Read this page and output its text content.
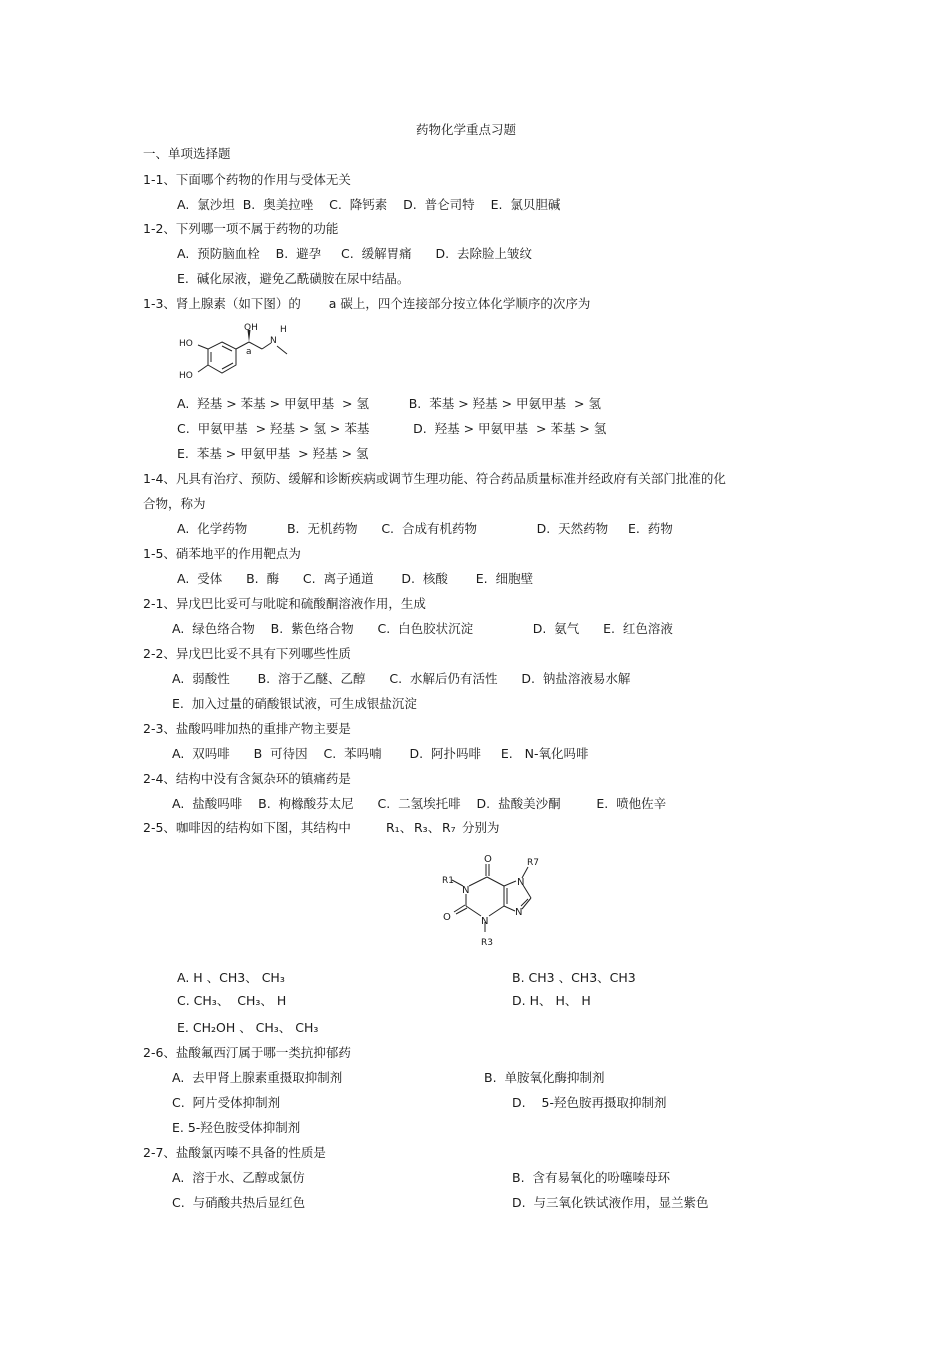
药物化学重点习题
一、单项选择题
1-1、下面哪个药物的作用与受体无关
A.  氯沙坦  B.  奥美拉唑    C.  降钙素    D.  普仑司特    E.  氯贝胆碱
1-2、下列哪一项不属于药物的功能
A.  预防脑血栓    B.  避孕     C.  缓解胃痛      D.  去除脸上皱纹
E.  碱化尿液，避免乙酰磺胺在尿中结晶。
1-3、肾上腺素（如下图）的       a 碳上，四个连接部分按立体化学顺序的次序为
OH
HO
HO
a
N
H
A.  羟基 > 苯基 > 甲氨甲基  > 氢          B.  苯基 > 羟基 > 甲氨甲基  > 氢
C.  甲氨甲基  > 羟基 > 氢 > 苯基           D.  羟基 > 甲氨甲基  > 苯基 > 氢
E.  苯基 > 甲氨甲基  > 羟基 > 氢
1-4、凡具有治疗、预防、缓解和诊断疾病或调节生理功能、符合药品质量标准并经政府有关部门批准的化
合物，称为
A.  化学药物          B.  无机药物      C.  合成有机药物               D.  天然药物     E.  药物
1-5、硝苯地平的作用靶点为
A.  受体      B.  酶      C.  离子通道       D.  核酸       E.  细胞壁
2-1、异戊巴比妥可与吡啶和硫酸酮溶液作用，生成
A.  绿色络合物    B.  紫色络合物      C.  白色胶状沉淀               D.  氨气      E.  红色溶液
2-2、异戊巴比妥不具有下列哪些性质
A.  弱酸性       B.  溶于乙醚、乙醇      C.  水解后仍有活性      D.  钠盐溶液易水解
E.  加入过量的硝酸银试液，可生成银盐沉淀
2-3、盐酸吗啡加热的重排产物主要是
A.  双吗啡      B  可待因    C.  苯吗喃       D.  阿扑吗啡     E.   N-氧化吗啡
2-4、结构中没有含氮杂环的镇痛药是
A.  盐酸吗啡    B.  枸橼酸芬太尼      C.  二氢埃托啡    D.  盐酸美沙酮         E.  喷他佐辛
2-5、咖啡因的结构如下图，其结构中	R₁、 R₃、 R₇ 分别为
O
O
N
N
N
N
R7
R1
R3
A. H 、CH3、 CH₃	B. CH3 、CH3、CH3
C. CH₃、  CH₃、 H	D. H、 H、 H
E. CH₂OH 、 CH₃、 CH₃
2-6、盐酸氟西汀属于哪一类抗抑郁药
A.  去甲肾上腺素重摄取抑制剂	B.  单胺氧化酶抑制剂
C.  阿片受体抑制剂	D.    5-羟色胺再摄取抑制剂
E. 5-羟色胺受体抑制剂
2-7、盐酸氯丙嗪不具备的性质是
A.  溶于水、乙醇或氯仿	B.  含有易氧化的吩噻嗪母环
C.  与硝酸共热后显红色	D.  与三氧化铁试液作用，显兰紫色
